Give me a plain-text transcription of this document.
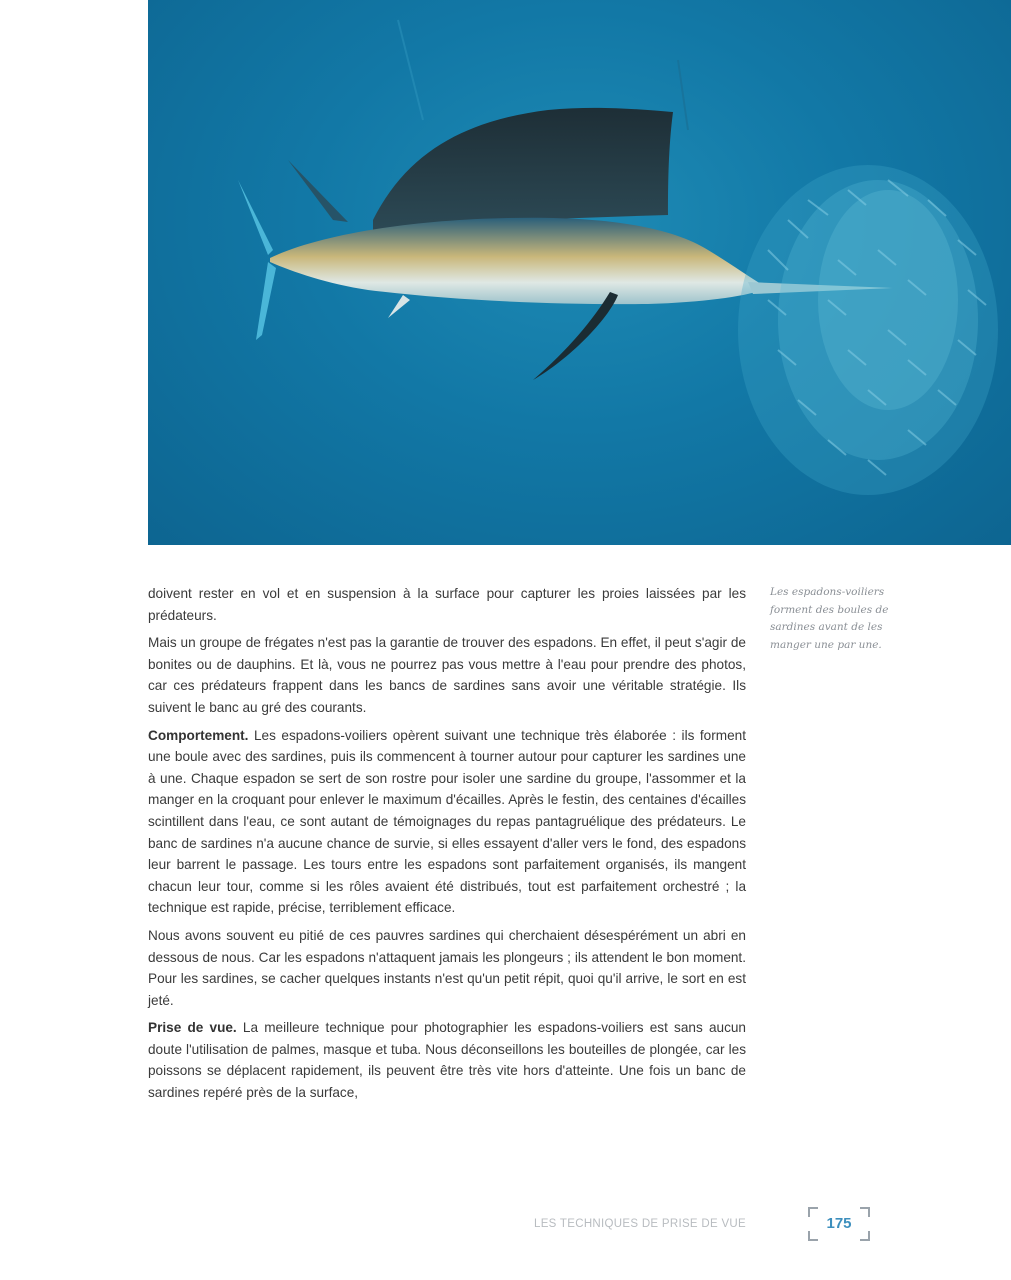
doivent rester en vol et en suspension à la surface pour capturer les proies laissées par les prédateurs.

Mais un groupe de frégates n'est pas la garantie de trouver des espadons. En effet, il peut s'agir de bonites ou de dauphins. Et là, vous ne pourrez pas vous mettre à l'eau pour prendre des photos, car ces prédateurs frappent dans les bancs de sardines sans avoir une véritable stratégie. Ils suivent le banc au gré des courants.

Comportement. Les espadons-voiliers opèrent suivant une technique très élaborée : ils forment une boule avec des sardines, puis ils commencent à tourner autour pour capturer les sardines une à une. Chaque espadon se sert de son rostre pour isoler une sardine du groupe, l'assommer et la manger en la croquant pour enlever le maximum d'écailles. Après le festin, des centaines d'écailles scintillent dans l'eau, ce sont autant de témoignages du repas pantagruélique des prédateurs. Le banc de sardines n'a aucune chance de survie, si elles essayent d'aller vers le fond, des espadons leur barrent le passage. Les tours entre les espadons sont parfaitement organisés, ils mangent chacun leur tour, comme si les rôles avaient été distribués, tout est parfaitement orchestré ; la technique est rapide, précise, terriblement efficace.

Nous avons souvent eu pitié de ces pauvres sardines qui cherchaient désespérément un abri en dessous de nous. Car les espadons n'attaquent jamais les plongeurs ; ils attendent le bon moment. Pour les sardines, se cacher quelques instants n'est qu'un petit répit, quoi qu'il arrive, le sort en est jeté.

Prise de vue. La meilleure technique pour photographier les espadons-voiliers est sans aucun doute l'utilisation de palmes, masque et tuba. Nous déconseillons les bouteilles de plongée, car les poissons se déplacent rapidement, ils peuvent être très vite hors d'atteinte. Une fois un banc de sardines repéré près de la surface,

Les espadons-voiliers forment des boules de sardines avant de les manger une par une.
LES TECHNIQUES DE PRISE DE VUE	175
